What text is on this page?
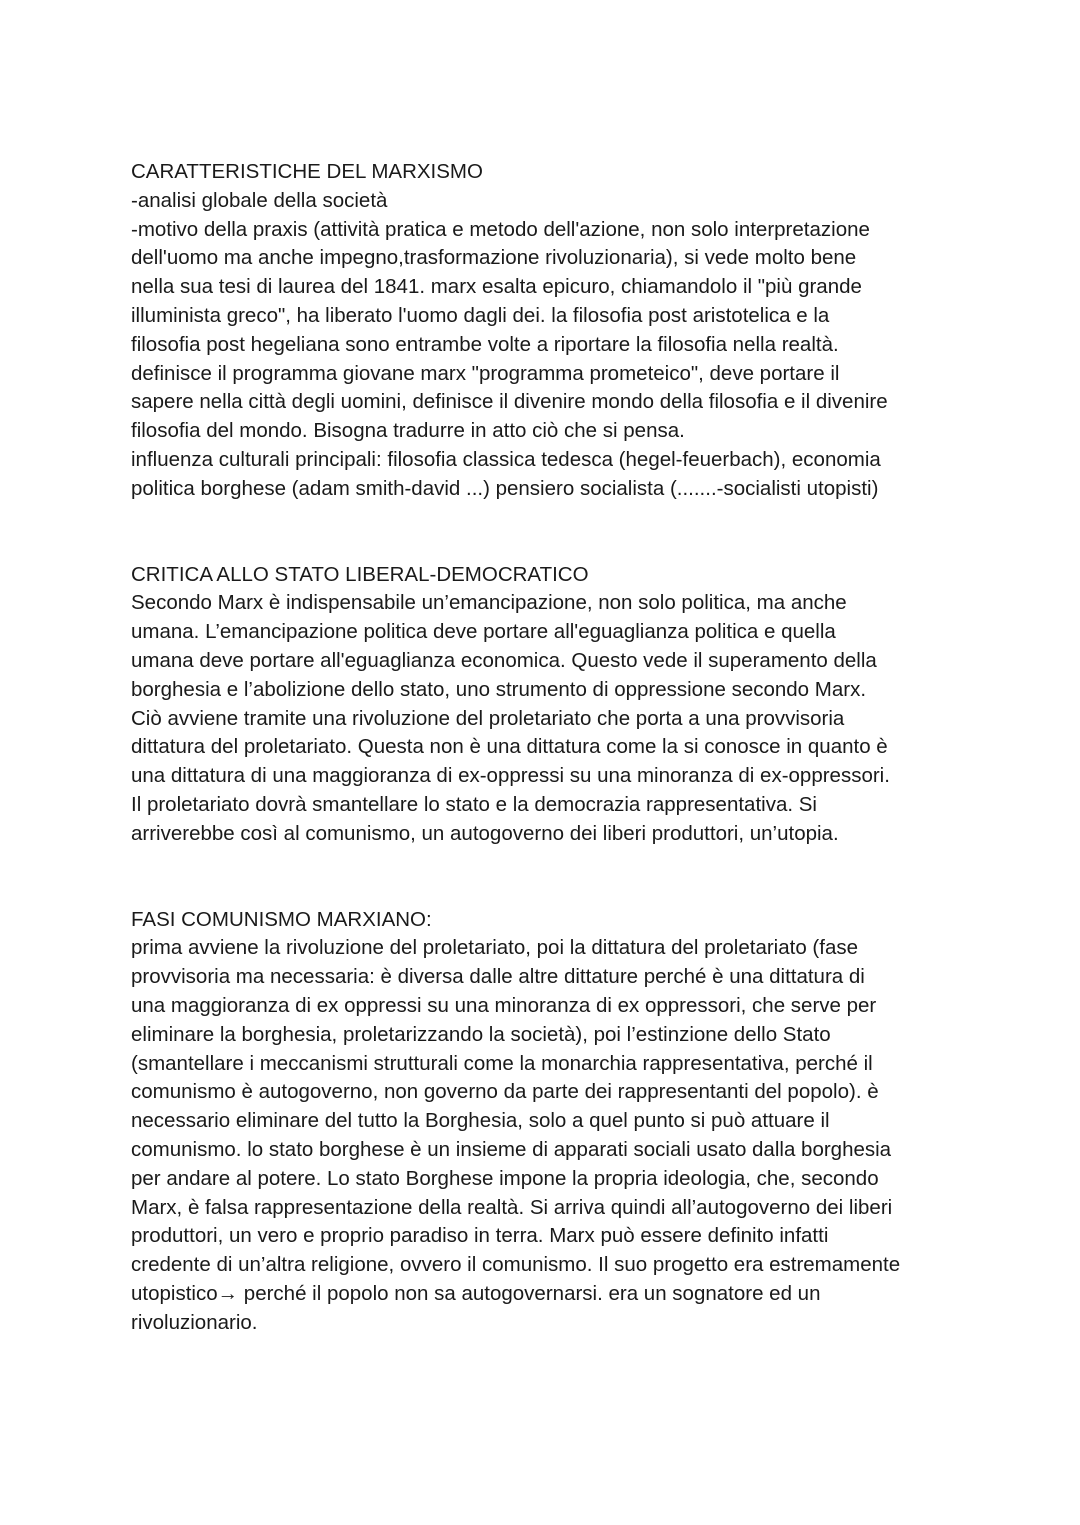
CARATTERISTICHE DEL MARXISMO
-analisi globale della società
-motivo della praxis (attività pratica e metodo dell'azione, non solo interpretazione
dell'uomo ma anche impegno,trasformazione rivoluzionaria), si vede molto bene
nella sua tesi di laurea del 1841. marx esalta epicuro, chiamandolo il "più grande
illuminista greco", ha liberato l'uomo dagli dei. la filosofia post aristotelica e la
filosofia post hegeliana sono entrambe volte a riportare la filosofia nella realtà.
definisce il programma giovane marx "programma prometeico", deve portare il
sapere nella città degli uomini, definisce il divenire mondo della filosofia e il divenire
filosofia del mondo. Bisogna tradurre in atto ciò che si pensa.
influenza culturali principali: filosofia classica tedesca (hegel-feuerbach), economia
politica borghese (adam smith-david ...) pensiero socialista (.......-socialisti utopisti)
CRITICA ALLO STATO LIBERAL-DEMOCRATICO
Secondo Marx è indispensabile un’emancipazione, non solo politica, ma anche
umana. L’emancipazione politica deve portare all'eguaglianza politica e quella
umana deve portare all'eguaglianza economica. Questo vede il superamento della
borghesia e l’abolizione dello stato, uno strumento di oppressione secondo Marx.
Ciò avviene tramite una rivoluzione del proletariato che porta a una provvisoria
dittatura del proletariato. Questa non è una dittatura come la si conosce in quanto è
una dittatura di una maggioranza di ex-oppressi su una minoranza di ex-oppressori.
Il proletariato dovrà smantellare lo stato e la democrazia rappresentativa. Si
arriverebbe così al comunismo, un autogoverno dei liberi produttori, un’utopia.
FASI COMUNISMO MARXIANO:
prima avviene la rivoluzione del proletariato, poi la dittatura del proletariato (fase
provvisoria ma necessaria: è diversa dalle altre dittature perché è una dittatura di
una maggioranza di ex oppressi su una minoranza di ex oppressori, che serve per
eliminare la borghesia, proletarizzando la società), poi l’estinzione dello Stato
(smantellare i meccanismi strutturali come la monarchia rappresentativa, perché il
comunismo è autogoverno, non governo da parte dei rappresentanti del popolo). è
necessario eliminare del tutto la Borghesia, solo a quel punto si può attuare il
comunismo. lo stato borghese è un insieme di apparati sociali usato dalla borghesia
per andare al potere. Lo stato Borghese impone la propria ideologia, che, secondo
Marx, è falsa rappresentazione della realtà. Si arriva quindi all’autogoverno dei liberi
produttori, un vero e proprio paradiso in terra. Marx può essere definito infatti
credente di un’altra religione, ovvero il comunismo. Il suo progetto era estremamente
utopistico→ perché il popolo non sa autogovernarsi. era un sognatore ed un
rivoluzionario.
